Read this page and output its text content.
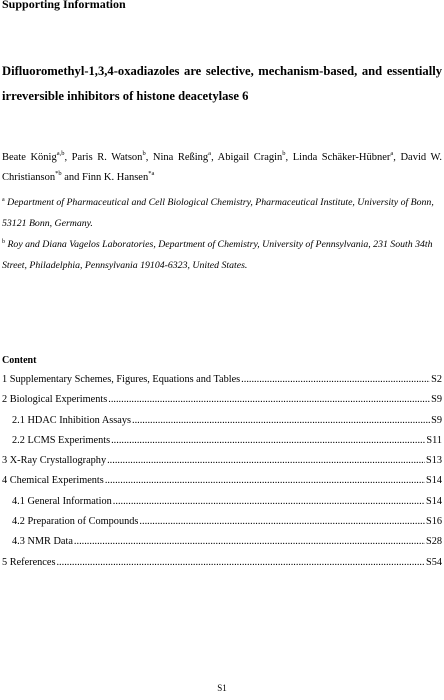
Supporting Information
Difluoromethyl-1,3,4-oxadiazoles are selective, mechanism-based, and essentially irreversible inhibitors of histone deacetylase 6
Beate König$^{a,b}$, Paris R. Watson$^b$, Nina Reßing$^a$, Abigail Cragin$^b$, Linda Schäker-Hübner$^a$, David W. Christianson$^{*b}$ and Finn K. Hansen$^{*a}$
$^a$ Department of Pharmaceutical and Cell Biological Chemistry, Pharmaceutical Institute, University of Bonn, 53121 Bonn, Germany.
$^b$ Roy and Diana Vagelos Laboratories, Department of Chemistry, University of Pennsylvania, 231 South 34th Street, Philadelphia, Pennsylvania 19104-6323, United States.
Content
1 Supplementary Schemes, Figures, Equations and Tables .....	S2
2 Biological Experiments .....	S9
2.1 HDAC Inhibition Assays .....	S9
2.2 LCMS Experiments .....	S11
3 X-Ray Crystallography .....	S13
4 Chemical Experiments .....	S14
4.1 General Information .....	S14
4.2 Preparation of Compounds .....	S16
4.3 NMR Data .....	S28
5 References .....	S54
S1
